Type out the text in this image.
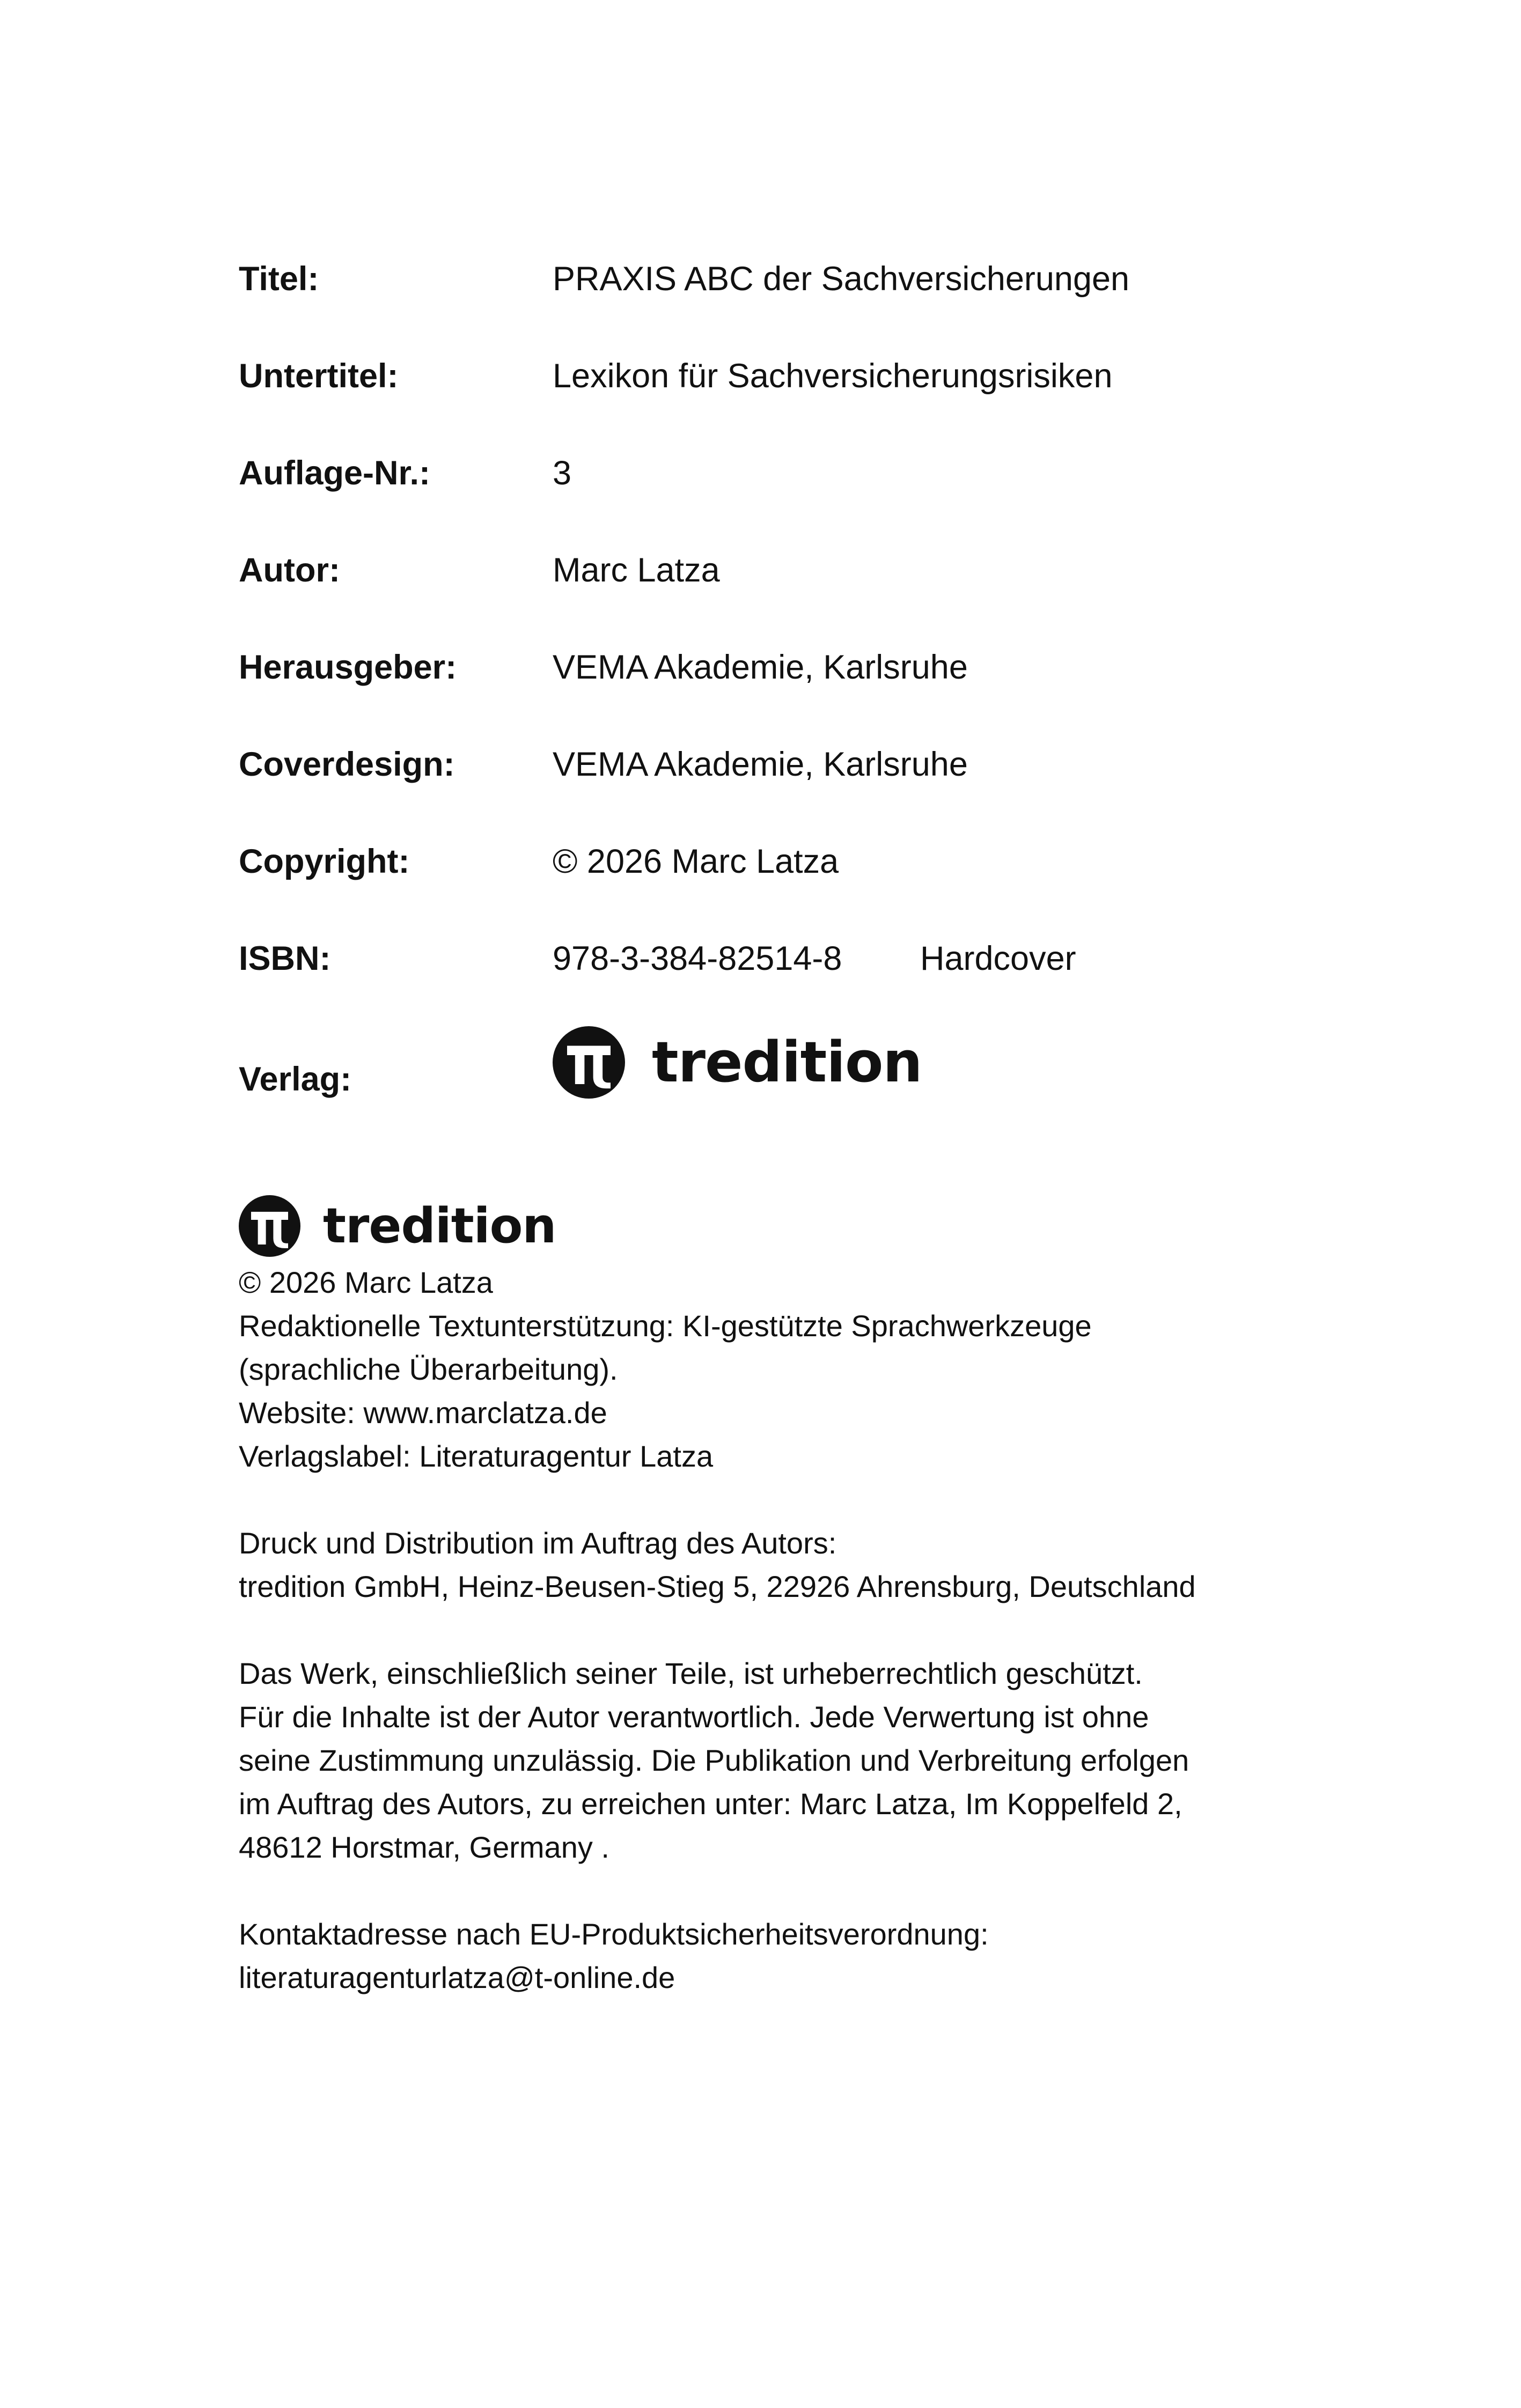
Titel:	PRAXIS ABC der Sachversicherungen
Untertitel:	Lexikon für Sachversicherungsrisiken
Auflage-Nr.:	3
Autor:	Marc Latza
Herausgeber:	VEMA Akademie, Karlsruhe
Coverdesign:	VEMA Akademie, Karlsruhe
Copyright:	© 2026 Marc Latza
ISBN:	978-3-384-82514-8 Hardcover
Verlag:	tredition
tredition
© 2026 Marc Latza
Redaktionelle Textunterstützung: KI-gestützte Sprachwerkzeuge
(sprachliche Überarbeitung).
Website: www.marclatza.de
Verlagslabel: Literaturagentur Latza
Druck und Distribution im Auftrag des Autors:
tredition GmbH, Heinz-Beusen-Stieg 5, 22926 Ahrensburg, Deutschland
Das Werk, einschließlich seiner Teile, ist urheberrechtlich geschützt.
Für die Inhalte ist der Autor verantwortlich. Jede Verwertung ist ohne
seine Zustimmung unzulässig. Die Publikation und Verbreitung erfolgen
im Auftrag des Autors, zu erreichen unter: Marc Latza, Im Koppelfeld 2,
48612 Horstmar, Germany .
Kontaktadresse nach EU-Produktsicherheitsverordnung:
literaturagenturlatza@t-online.de
